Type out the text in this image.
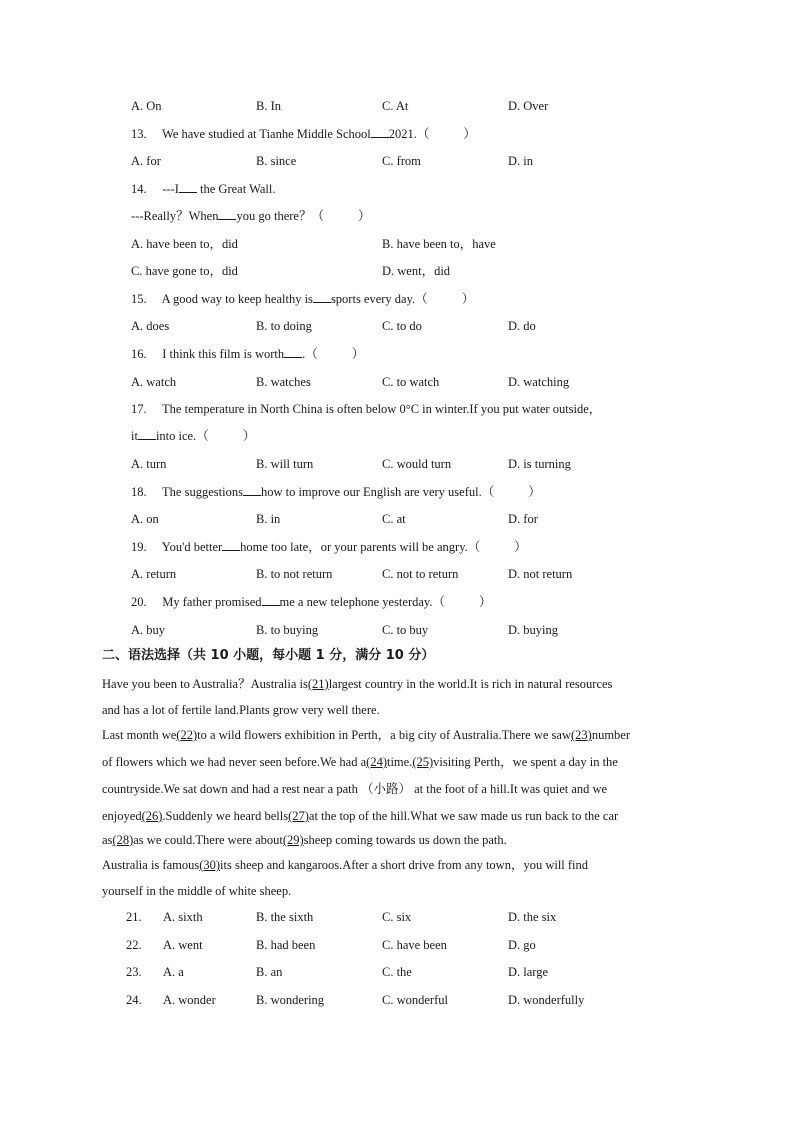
A. On	B. In	C. At	D. Over
13. We have studied at Tianhe Middle School 2021.（	）
A. for	B. since	C. from	D. in
14. ---I the Great Wall.
---Really？When you go there？（	）
A. have been to，did	B. have been to，have
C. have gone to，did	D. went，did
15. A good way to keep healthy is sports every day.（	）
A. does	B. to doing	C. to do	D. do
16. I think this film is worth .（	）
A. watch	B. watches	C. to watch	D. watching
17. The temperature in North China is often below 0°C in winter.If you put water outside，
it into ice.（	）
A. turn	B. will turn	C. would turn	D. is turning
18. The suggestions how to improve our English are very useful.（	）
A. on	B. in	C. at	D. for
19. You'd better home too late，or your parents will be angry.（	）
A. return	B. to not return	C. not to return	D. not return
20. My father promised me a new telephone yesterday.（	）
A. buy	B. to buying	C. to buy	D. buying
二、语法选择（共 10 小题，每小题 1 分，满分 10 分）
Have you been to Australia？Australia is(21)largest country in the world.It is rich in natural resources
and has a lot of fertile land.Plants grow very well there.
Last month we(22)to a wild flowers exhibition in Perth，a big city of Australia.There we saw(23)number
of flowers which we had never seen before.We had a(24)time.(25)visiting Perth，we spent a day in the
countryside.We sat down and had a rest near a path （小路） at the foot of a hill.It was quiet and we
enjoyed(26).Suddenly we heard bells(27)at the top of the hill.What we saw made us run back to the car
as(28)as we could.There were about(29)sheep coming towards us down the path.
Australia is famous(30)its sheep and kangaroos.After a short drive from any town，you will find
yourself in the middle of white sheep.
21. A. sixth	B. the sixth	C. six	D. the six
22. A. went	B. had been	C. have been	D. go
23. A. a	B. an	C. the	D. large
24. A. wonder	B. wondering	C. wonderful	D. wonderfully
